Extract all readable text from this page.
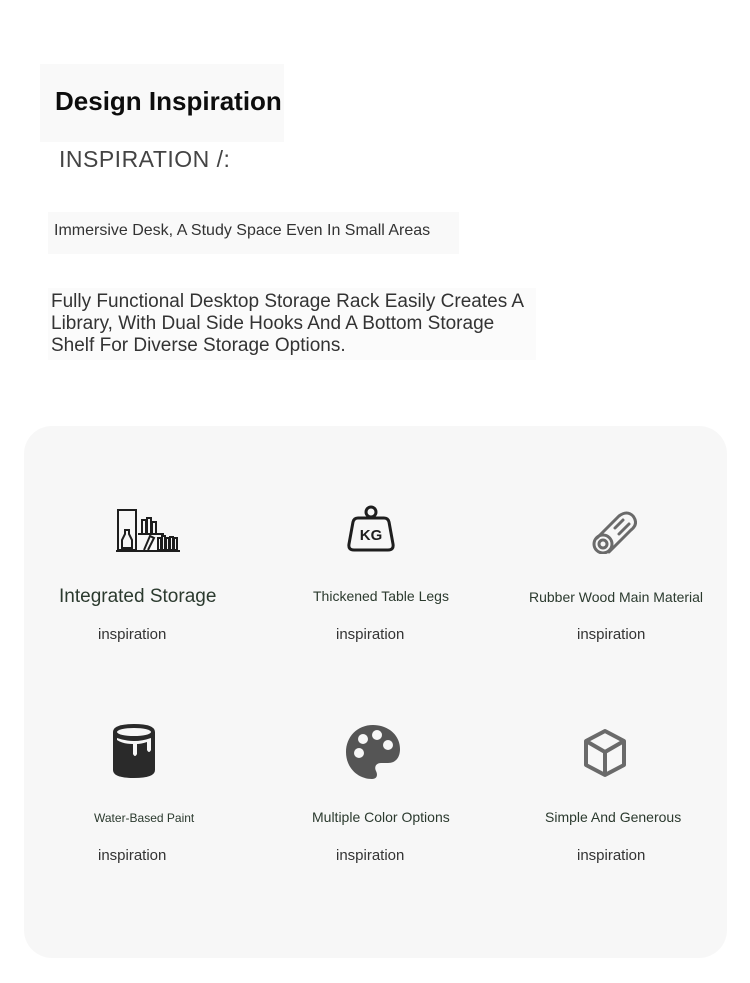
Design Inspiration
INSPIRATION /:
Immersive Desk, A Study Space Even In Small Areas
Fully Functional Desktop Storage Rack Easily Creates A Library, With Dual Side Hooks And A Bottom Storage Shelf For Diverse Storage Options.
Integrated Storage
inspiration
KG
Thickened Table Legs
inspiration
Rubber Wood Main Material
inspiration
Water-Based Paint
inspiration
Multiple Color Options
inspiration
Simple And Generous
inspiration
